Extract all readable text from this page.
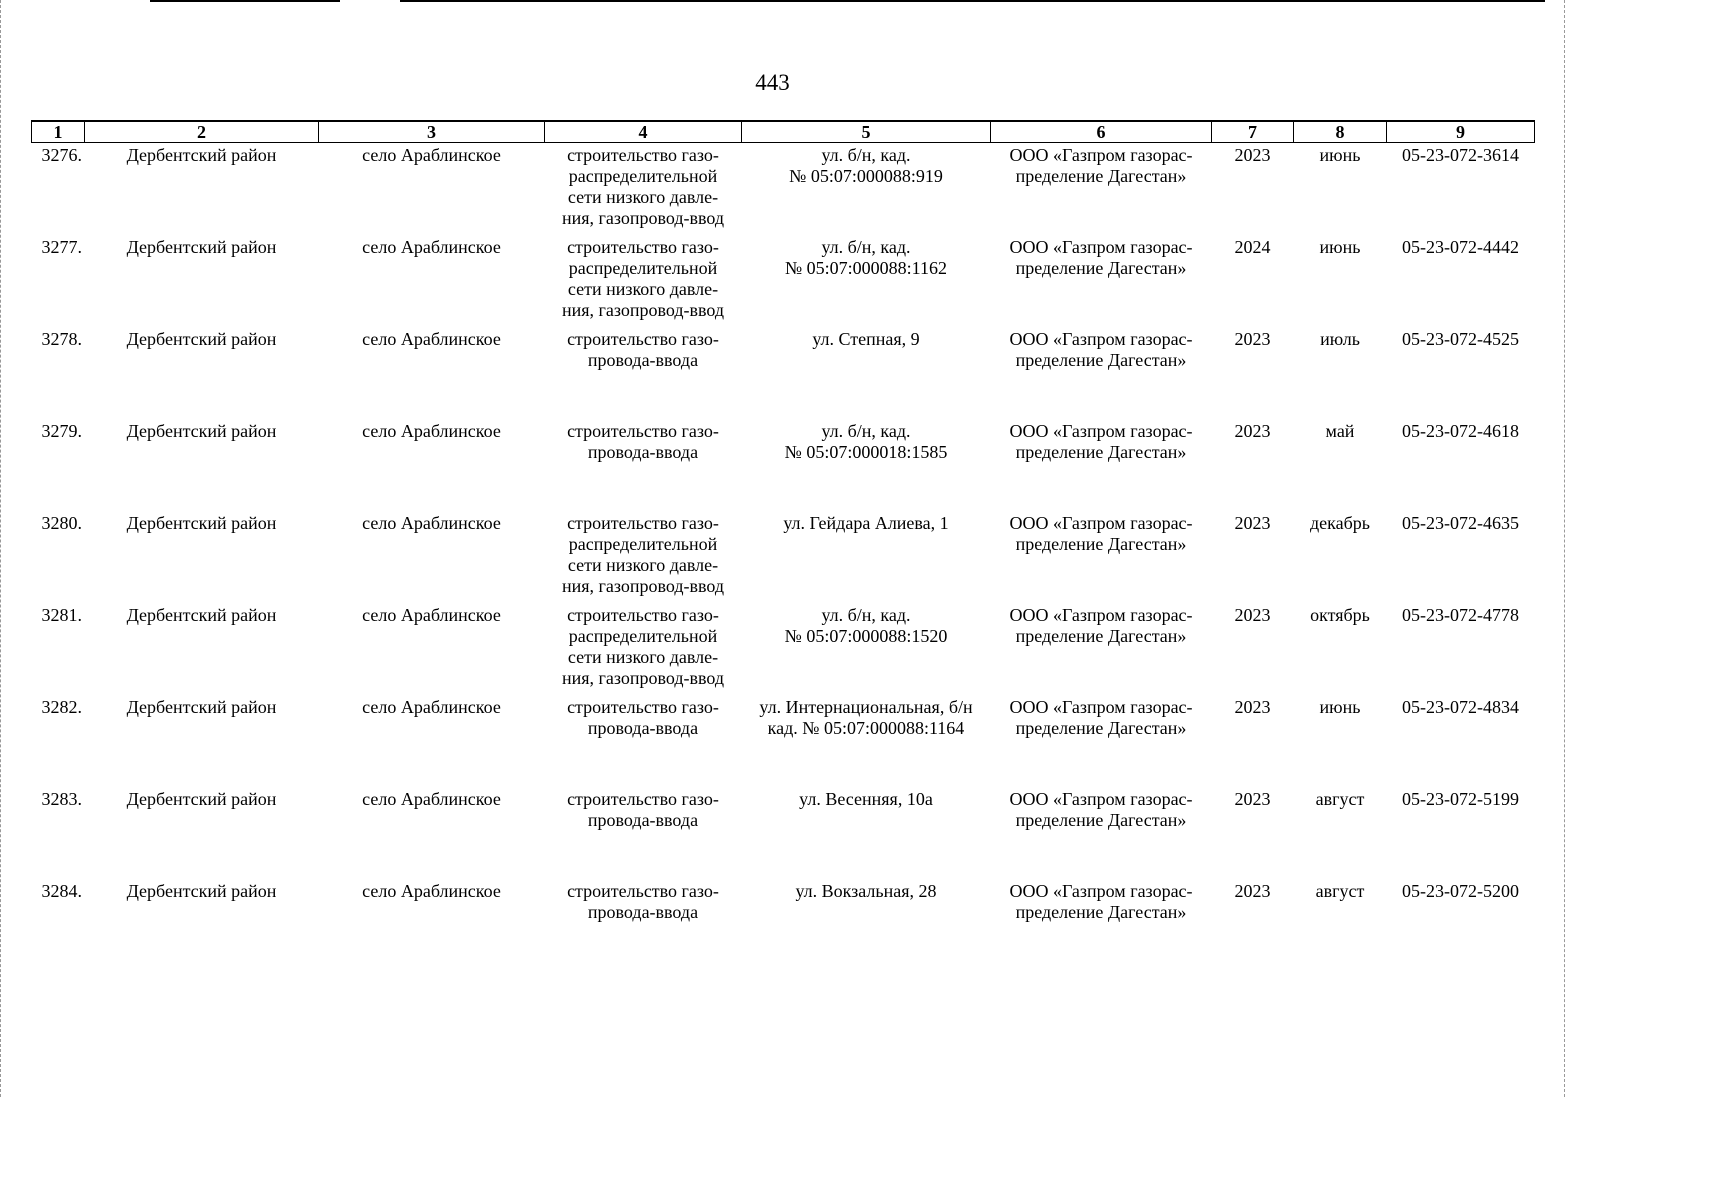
443
1	2	3	4	5	6	7	8	9
3276.	Дербентский район	село Араблинское	строительство газо-
распределительной
сети низкого давле-
ния, газопровод-ввод	ул. б/н, кад.
№ 05:07:000088:919	ООО «Газпром газорас-
пределение Дагестан»	2023	июнь	05-23-072-3614
3277.	Дербентский район	село Араблинское	строительство газо-
распределительной
сети низкого давле-
ния, газопровод-ввод	ул. б/н, кад.
№ 05:07:000088:1162	ООО «Газпром газорас-
пределение Дагестан»	2024	июнь	05-23-072-4442
3278.	Дербентский район	село Араблинское	строительство газо-
провода-ввода	ул. Степная, 9	ООО «Газпром газорас-
пределение Дагестан»	2023	июль	05-23-072-4525
3279.	Дербентский район	село Араблинское	строительство газо-
провода-ввода	ул. б/н, кад.
№ 05:07:000018:1585	ООО «Газпром газорас-
пределение Дагестан»	2023	май	05-23-072-4618
3280.	Дербентский район	село Араблинское	строительство газо-
распределительной
сети низкого давле-
ния, газопровод-ввод	ул. Гейдара Алиева, 1	ООО «Газпром газорас-
пределение Дагестан»	2023	декабрь	05-23-072-4635
3281.	Дербентский район	село Араблинское	строительство газо-
распределительной
сети низкого давле-
ния, газопровод-ввод	ул. б/н, кад.
№ 05:07:000088:1520	ООО «Газпром газорас-
пределение Дагестан»	2023	октябрь	05-23-072-4778
3282.	Дербентский район	село Араблинское	строительство газо-
провода-ввода	ул. Интернациональная, б/н
кад. № 05:07:000088:1164	ООО «Газпром газорас-
пределение Дагестан»	2023	июнь	05-23-072-4834
3283.	Дербентский район	село Араблинское	строительство газо-
провода-ввода	ул. Весенняя, 10а	ООО «Газпром газорас-
пределение Дагестан»	2023	август	05-23-072-5199
3284.	Дербентский район	село Араблинское	строительство газо-
провода-ввода	ул. Вокзальная, 28	ООО «Газпром газорас-
пределение Дагестан»	2023	август	05-23-072-5200
